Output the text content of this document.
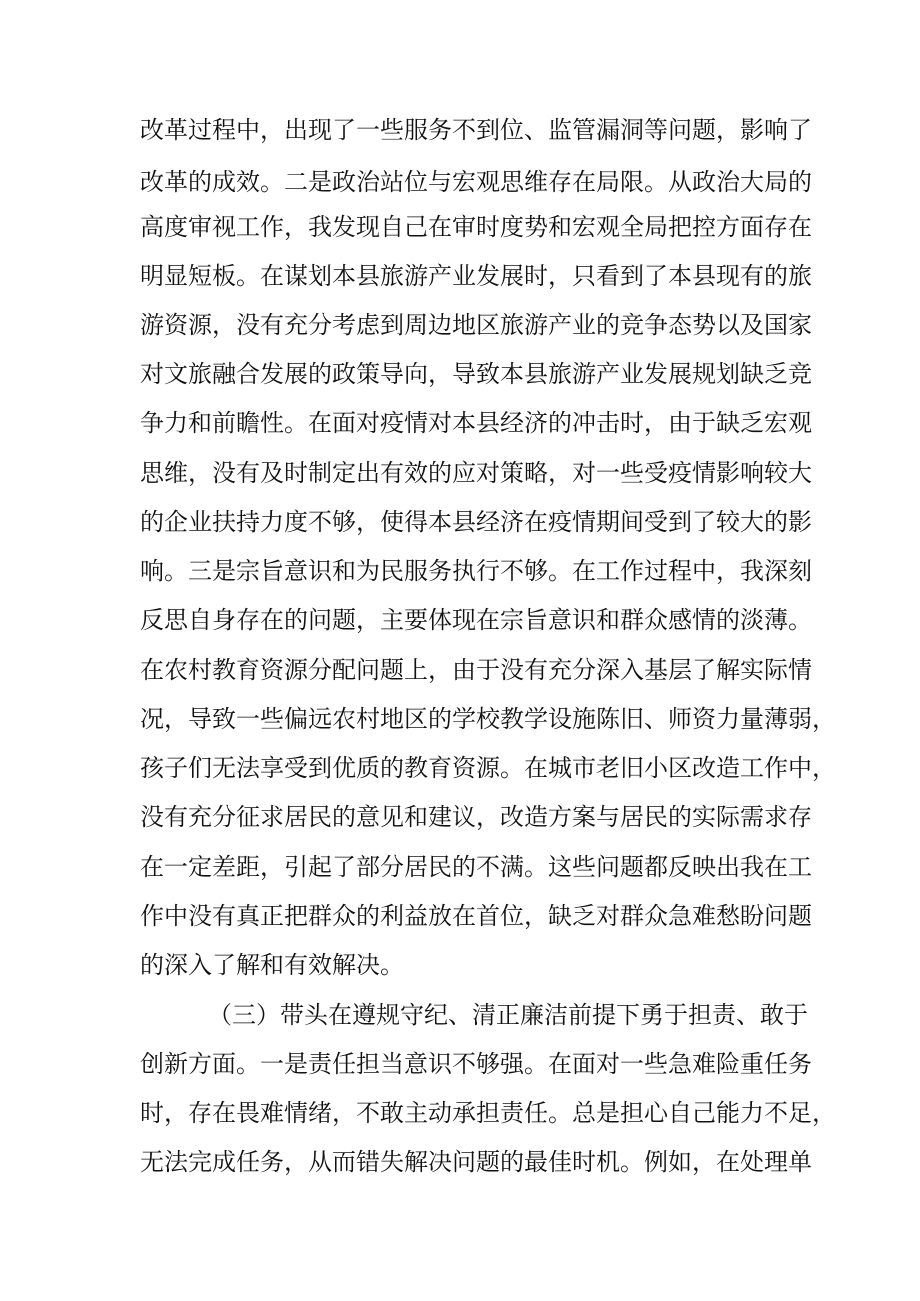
改革过程中，出现了一些服务不到位、监管漏洞等问题，影响了
改革的成效。二是政治站位与宏观思维存在局限。从政治大局的
高度审视工作，我发现自己在审时度势和宏观全局把控方面存在
明显短板。在谋划本县旅游产业发展时，只看到了本县现有的旅
游资源，没有充分考虑到周边地区旅游产业的竞争态势以及国家
对文旅融合发展的政策导向，导致本县旅游产业发展规划缺乏竞
争力和前瞻性。在面对疫情对本县经济的冲击时，由于缺乏宏观
思维，没有及时制定出有效的应对策略，对一些受疫情影响较大
的企业扶持力度不够，使得本县经济在疫情期间受到了较大的影
响。三是宗旨意识和为民服务执行不够。在工作过程中，我深刻
反思自身存在的问题，主要体现在宗旨意识和群众感情的淡薄。
在农村教育资源分配问题上，由于没有充分深入基层了解实际情
况，导致一些偏远农村地区的学校教学设施陈旧、师资力量薄弱，
孩子们无法享受到优质的教育资源。在城市老旧小区改造工作中，
没有充分征求居民的意见和建议，改造方案与居民的实际需求存
在一定差距，引起了部分居民的不满。这些问题都反映出我在工
作中没有真正把群众的利益放在首位，缺乏对群众急难愁盼问题
的深入了解和有效解决。
（三）带头在遵规守纪、清正廉洁前提下勇于担责、敢于
创新方面。一是责任担当意识不够强。在面对一些急难险重任务
时，存在畏难情绪，不敢主动承担责任。总是担心自己能力不足，
无法完成任务，从而错失解决问题的最佳时机。例如，在处理单
